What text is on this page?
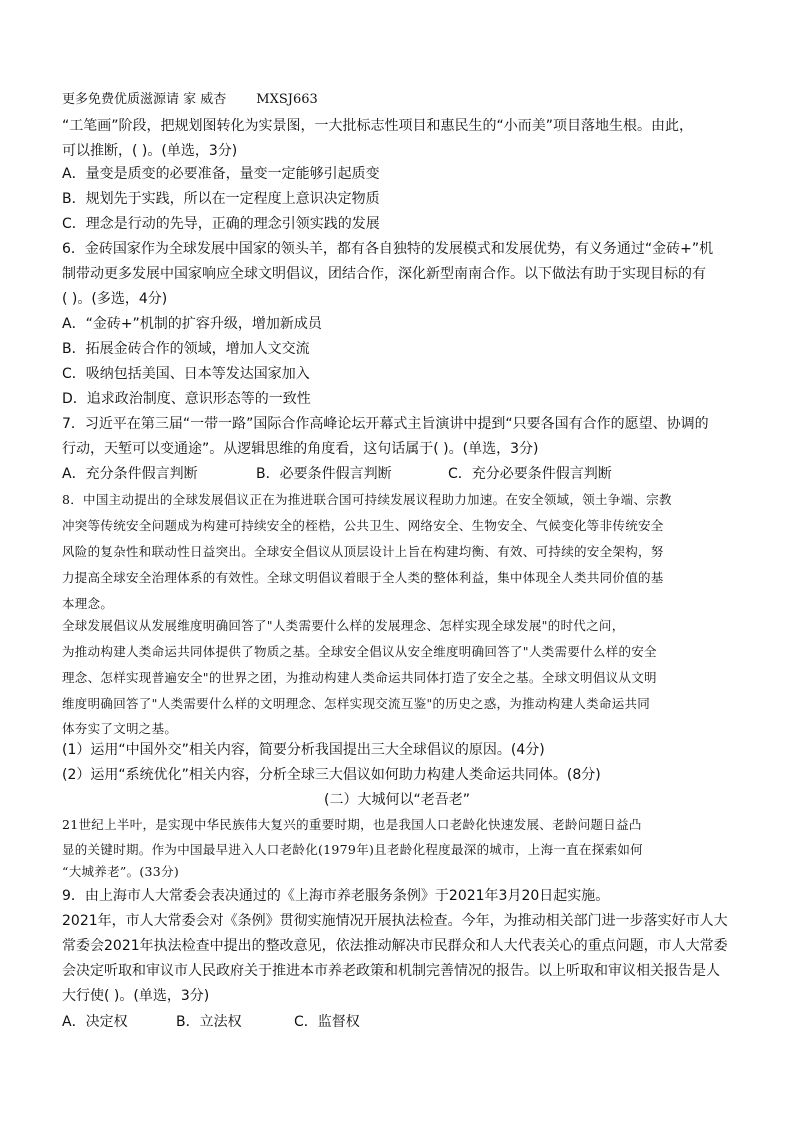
更多免费优质滋源请 家 威杏 MXSJ663
“工笔画”阶段，把规划图转化为实景图，一大批标志性项目和惠民生的“小而美”项目落地生根。由此，
可以推断，( )。(单选，3分)
A．量变是质变的必要准备，量变一定能够引起质变
B．规划先于实践，所以在一定程度上意识决定物质
C．理念是行动的先导，正确的理念引领实践的发展
6．金砖国家作为全球发展中国家的领头羊，都有各自独特的发展模式和发展优势，有义务通过“金砖+”机
制带动更多发展中国家响应全球文明倡议，团结合作，深化新型南南合作。以下做法有助于实现目标的有
( )。(多选，4分)
A．“金砖+”机制的扩容升级，增加新成员
B．拓展金砖合作的领域，增加人文交流
C．吸纳包括美国、日本等发达国家加入
D．追求政治制度、意识形态等的一致性
7．习近平在第三届“一带一路”国际合作高峰论坛开幕式主旨演讲中提到“只要各国有合作的愿望、协调的
行动，天堑可以变通途”。从逻辑思维的角度看，这句话属于( )。(单选，3分)
A．充分条件假言判断	B．必要条件假言判断	C．充分必要条件假言判断
8．中国主动提出的全球发展倡议正在为推进联合国可持续发展议程助力加速。在安全领域，领土争端、宗教
冲突等传统安全问题成为构建可持续安全的桎梏，公共卫生、网络安全、生物安全、气候变化等非传统安全
风险的复杂性和联动性日益突出。全球安全倡议从顶层设计上旨在构建均衡、有效、可持续的安全架构，努
力提高全球安全治理体系的有效性。全球文明倡议着眼于全人类的整体利益，集中体现全人类共同价值的基
本理念。
全球发展倡议从发展维度明确回答了"人类需要什么样的发展理念、怎样实现全球发展"的时代之问，
为推动构建人类命运共同体提供了物质之基。全球安全倡议从安全维度明确回答了"人类需要什么样的安全
理念、怎样实现普遍安全"的世界之团，为推动构建人类命运共同体打造了安全之基。全球文明倡议从文明
维度明确回答了"人类需要什么样的文明理念、怎样实现交流互鉴"的历史之惑，为推动构建人类命运共同
体夯实了文明之基。
(1）运用“中国外交”相关内容，简要分析我国提出三大全球倡议的原因。(4分)
(2）运用“系统优化”相关内容，分析全球三大倡议如何助力构建人类命运共同体。(8分)
(二）大城何以“老吾老”
21世纪上半叶，是实现中华民族伟大复兴的重要时期，也是我国人口老龄化快速发展、老龄问题日益凸
显的关键时期。作为中国最早进入人口老龄化(1979年)且老龄化程度最深的城市，上海一直在探索如何
“大城养老”。(33分)
9．由上海市人大常委会表决通过的《上海市养老服务条例》于2021年3月20日起实施。
2021年，市人大常委会对《条例》贯彻实施情况开展执法检查。今年，为推动相关部门进一步落实好市人大
常委会2021年执法检查中提出的整改意见，依法推动解决市民群众和人大代表关心的重点问题，市人大常委
会决定听取和审议市人民政府关于推进本市养老政策和机制完善情况的报告。以上听取和审议相关报告是人
大行使( )。(单选，3分)
A．决定权	B．立法权	C．监督权
